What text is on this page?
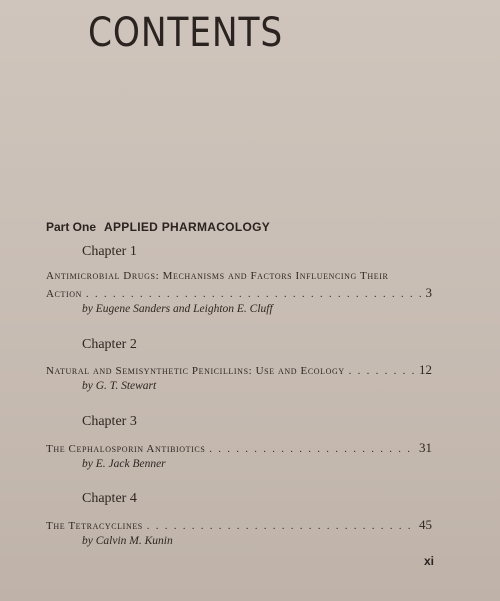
CONTENTS
Part One APPLIED PHARMACOLOGY
Chapter 1
Antimicrobial Drugs: Mechanisms and Factors Influencing Their
Action . . .	3
by Eugene Sanders and Leighton E. Cluff
Chapter 2
Natural and Semisynthetic Penicillins: Use and Ecology . . .	12
by G. T. Stewart
Chapter 3
The Cephalosporin Antibiotics . . .	31
by E. Jack Benner
Chapter 4
The Tetracyclines . . .	45
by Calvin M. Kunin
xi
